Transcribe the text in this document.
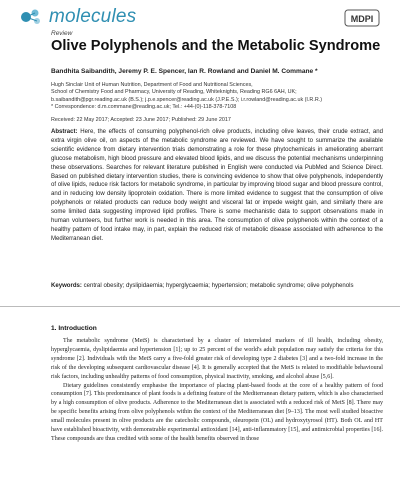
molecules	MDPI
Review
Olive Polyphenols and the Metabolic Syndrome
Bandhita Saibandith, Jeremy P. E. Spencer, Ian R. Rowland and Daniel M. Commane *
Hugh Sinclair Unit of Human Nutrition, Department of Food and Nutritional Sciences,
School of Chemistry Food and Pharmacy, University of Reading, Whiteknights, Reading RG6 6AH, UK;
b.saibandith@pgr.reading.ac.uk (B.S.); j.p.e.spencer@reading.ac.uk (J.P.E.S.); i.r.rowland@reading.ac.uk (I.R.R.)
* Correspondence: d.m.commane@reading.ac.uk; Tel.: +44-(0)-118-378-7108
Received: 22 May 2017; Accepted: 23 June 2017; Published: 29 June 2017
Abstract: Here, the effects of consuming polyphenol-rich olive products, including olive leaves, their crude extract, and extra virgin olive oil, on aspects of the metabolic syndrome are reviewed. We have sought to summarize the available scientific evidence from dietary intervention trials demonstrating a role for these phytochemicals in ameliorating aberrant glucose metabolism, high blood pressure and elevated blood lipids, and we discuss the potential mechanisms underpinning these observations. Searches for relevant literature published in English were conducted via PubMed and Science Direct. Based on published dietary intervention studies, there is convincing evidence to show that olive polyphenols, independently of olive lipids, reduce risk factors for metabolic syndrome, in particular by improving blood sugar and blood pressure control, and in reducing low density lipoprotein oxidation. There is more limited evidence to suggest that the consumption of olive polyphenols or related products can reduce body weight and visceral fat or impede weight gain, and similarly there are some limited data suggesting improved lipid profiles. There is some mechanistic data to support observations made in human volunteers, but further work is needed in this area. The consumption of olive polyphenols within the context of a healthy pattern of food intake may, in part, explain the reduced risk of metabolic disease associated with adherence to the Mediterranean diet.
Keywords: central obesity; dyslipidaemia; hyperglycaemia; hypertension; metabolic syndrome; olive polyphenols
1. Introduction

The metabolic syndrome (MetS) is characterised by a cluster of interrelated markers of ill health, including obesity, hyperglycaemia, dyslipidaemia and hypertension [1]; up to 25 percent of the world's adult population may satisfy the criteria for this syndrome [2]. Individuals with the MetS carry a five-fold greater risk of developing type 2 diabetes [3] and a two-fold increase in the risk of the developing subsequent cardiovascular disease [4]. It is generally accepted that the MetS is related to modifiable behavioural risk factors, including unhealthy patterns of food consumption, physical inactivity, smoking, and alcohol abuse [5,6].

Dietary guidelines consistently emphasise the importance of placing plant-based foods at the core of a healthy pattern of food consumption [7]. This predominance of plant foods is a defining feature of the Mediterranean dietary pattern, which is also characterised by a high consumption of olive products. Adherence to the Mediterranean diet is associated with a reduced risk of MetS [8]. There may be specific benefits arising from olive polyphenols within the context of the Mediterranean diet [9–13]. The most well studied bioactive small molecules present in olive products are the catecholic compounds, oleuropein (OL) and hydroxytyrosol (HT). Both OL and HT have established bioactivity, with demonstrable experimental antioxidant [14], anti-inflammatory [15], and antimicrobial properties [16]. These compounds are thus credited with some of the health benefits observed in those
